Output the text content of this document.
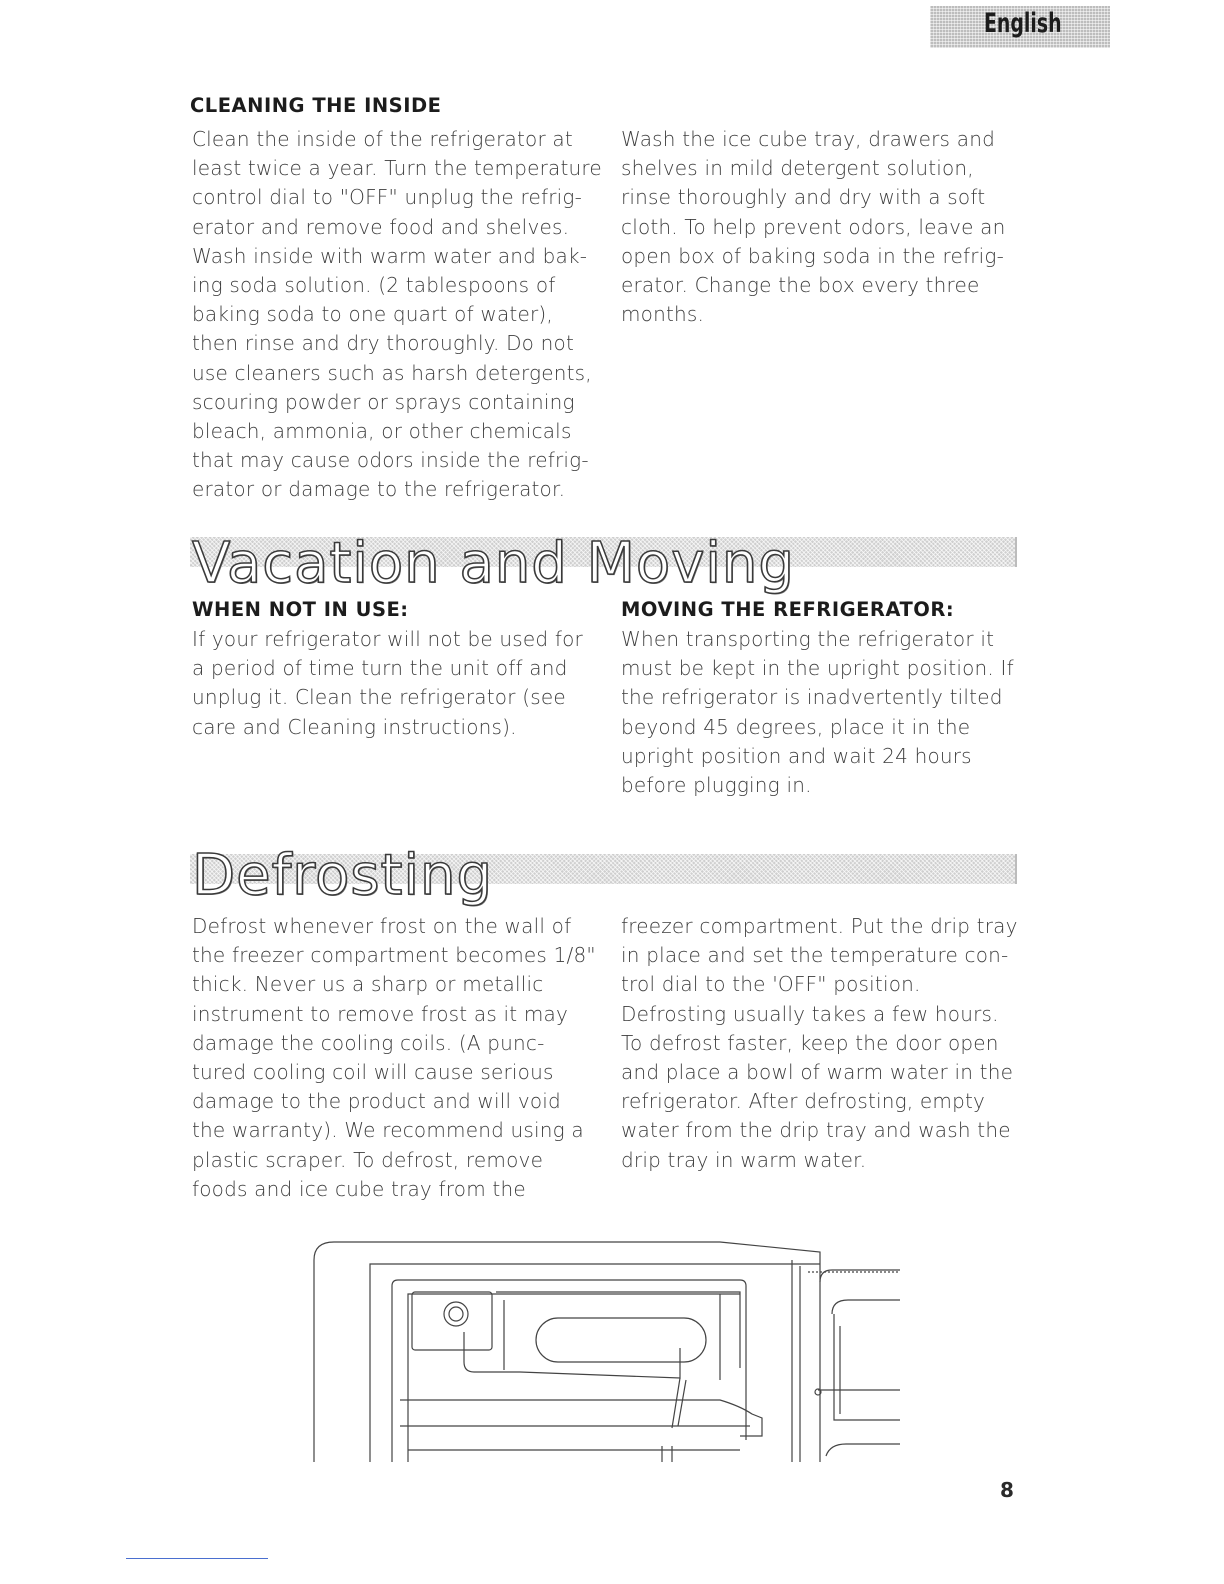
English
CLEANING THE INSIDE
Clean the inside of the refrigerator at
least twice a year. Turn the temperature
control dial to "OFF" unplug the refrig-
erator and remove food and shelves.
Wash inside with warm water and bak-
ing soda solution. (2 tablespoons of
baking soda to one quart of water),
then rinse and dry thoroughly. Do not
use cleaners such as harsh detergents,
scouring powder or sprays containing
bleach, ammonia, or other chemicals
that may cause odors inside the refrig-
erator or damage to the refrigerator.
Wash the ice cube tray, drawers and
shelves in mild detergent solution,
rinse thoroughly and dry with a soft
cloth. To help prevent odors, leave an
open box of baking soda in the refrig-
erator. Change the box every three
months.
Vacation and Moving
WHEN NOT IN USE:
If your refrigerator will not be used for
a period of time turn the unit off and
unplug it. Clean the refrigerator (see
care and Cleaning instructions).
MOVING THE REFRIGERATOR:
When transporting the refrigerator it
must be kept in the upright position. If
the refrigerator is inadvertently tilted
beyond 45 degrees, place it in the
upright position and wait 24 hours
before plugging in.
Defrosting
Defrost whenever frost on the wall of
the freezer compartment becomes 1/8"
thick. Never us a sharp or metallic
instrument to remove frost as it may
damage the cooling coils. (A punc-
tured cooling coil will cause serious
damage to the product and will void
the warranty). We recommend using a
plastic scraper. To defrost, remove
foods and ice cube tray from the
freezer compartment. Put the drip tray
in place and set the temperature con-
trol dial to the 'OFF" position.
Defrosting usually takes a few hours.
To defrost faster, keep the door open
and place a bowl of warm water in the
refrigerator. After defrosting, empty
water from the drip tray and wash the
drip tray in warm water.
8
